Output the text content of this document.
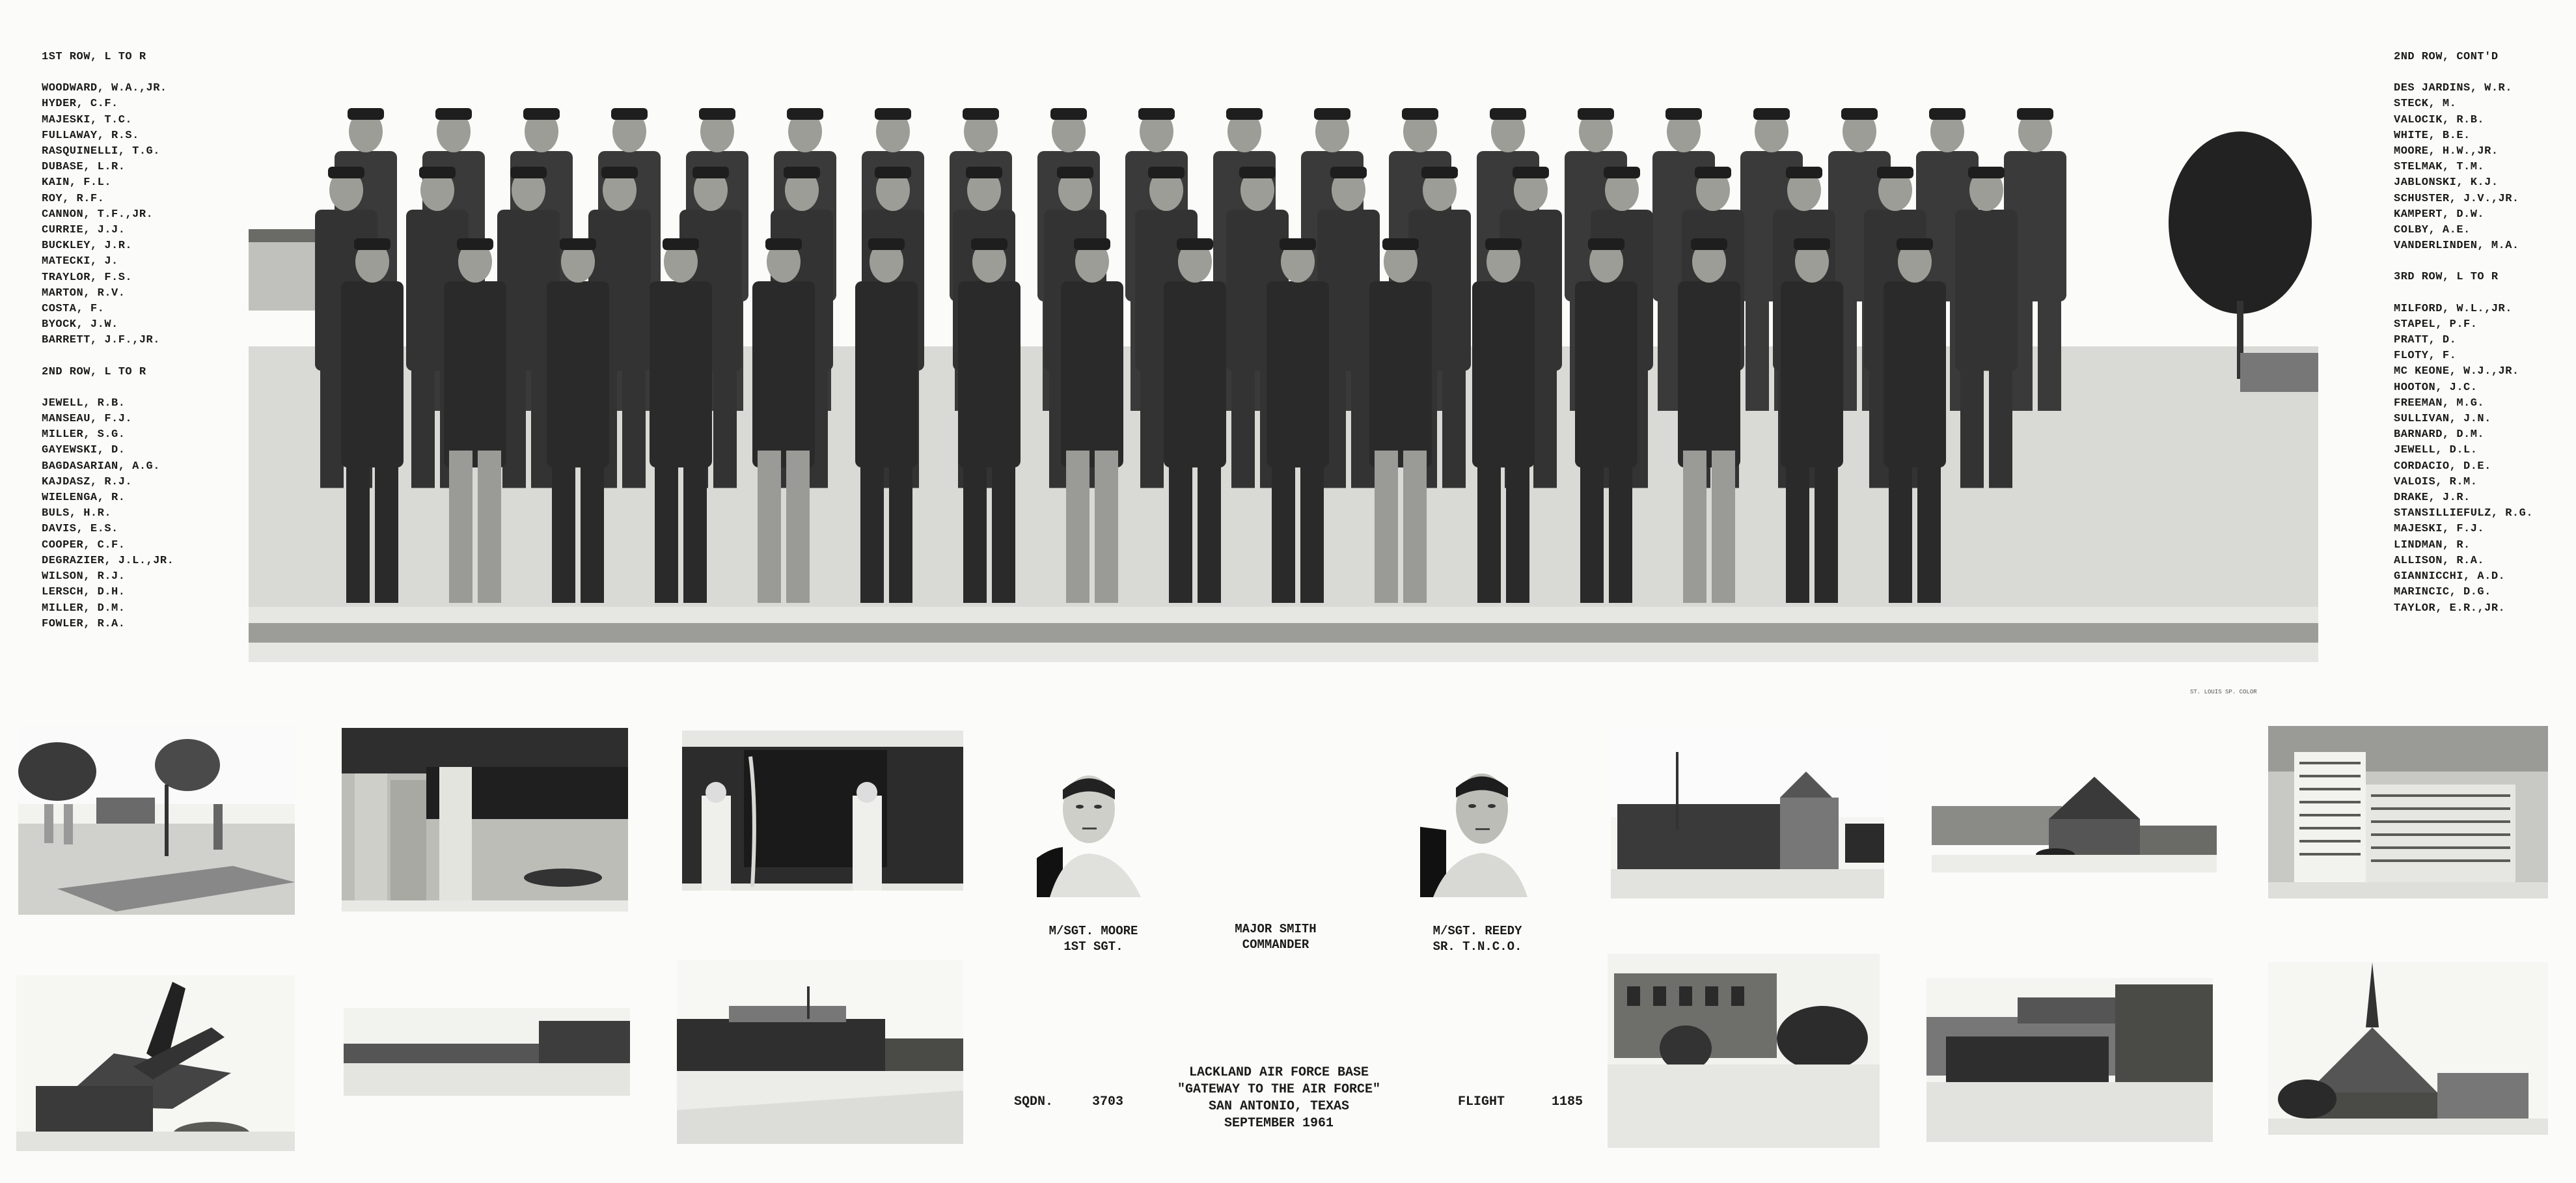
1ST ROW, L TO R
WOODWARD, W.A.,JR.
HYDER, C.F.
MAJESKI, T.C.
FULLAWAY, R.S.
RASQUINELLI, T.G.
DUBASE, L.R.
KAIN, F.L.
ROY, R.F.
CANNON, T.F.,JR.
CURRIE, J.J.
BUCKLEY, J.R.
MATECKI, J.
TRAYLOR, F.S.
MARTON, R.V.
COSTA, F.
BYOCK, J.W.
BARRETT, J.F.,JR.
2ND ROW, L TO R
JEWELL, R.B.
MANSEAU, F.J.
MILLER, S.G.
GAYEWSKI, D.
BAGDASARIAN, A.G.
KAJDASZ, R.J.
WIELENGA, R.
BULS, H.R.
DAVIS, E.S.
COOPER, C.F.
DEGRAZIER, J.L.,JR.
WILSON, R.J.
LERSCH, D.H.
MILLER, D.M.
FOWLER, R.A.
2ND ROW, CONT'D
DES JARDINS, W.R.
STECK, M.
VALOCIK, R.B.
WHITE, B.E.
MOORE, H.W.,JR.
STELMAK, T.M.
JABLONSKI, K.J.
SCHUSTER, J.V.,JR.
KAMPERT, D.W.
COLBY, A.E.
VANDERLINDEN, M.A.
3RD ROW, L TO R
MILFORD, W.L.,JR.
STAPEL, P.F.
PRATT, D.
FLOTY, F.
MC KEONE, W.J.,JR.
HOOTON, J.C.
FREEMAN, M.G.
SULLIVAN, J.N.
BARNARD, D.M.
JEWELL, D.L.
CORDACIO, D.E.
VALOIS, R.M.
DRAKE, J.R.
STANSILLIEFULZ, R.G.
MAJESKI, F.J.
LINDMAN, R.
ALLISON, R.A.
GIANNICCHI, A.D.
MARINCIC, D.G.
TAYLOR, E.R.,JR.
ST. LOUIS SP. COLOR
M/SGT. MOORE
1ST SGT.
MAJOR SMITH
COMMANDER
M/SGT. REEDY
SR. T.N.C.O.
SQDN.	3703
LACKLAND AIR FORCE BASE
"GATEWAY TO THE AIR FORCE"
SAN ANTONIO, TEXAS
SEPTEMBER 1961
FLIGHT	1185
